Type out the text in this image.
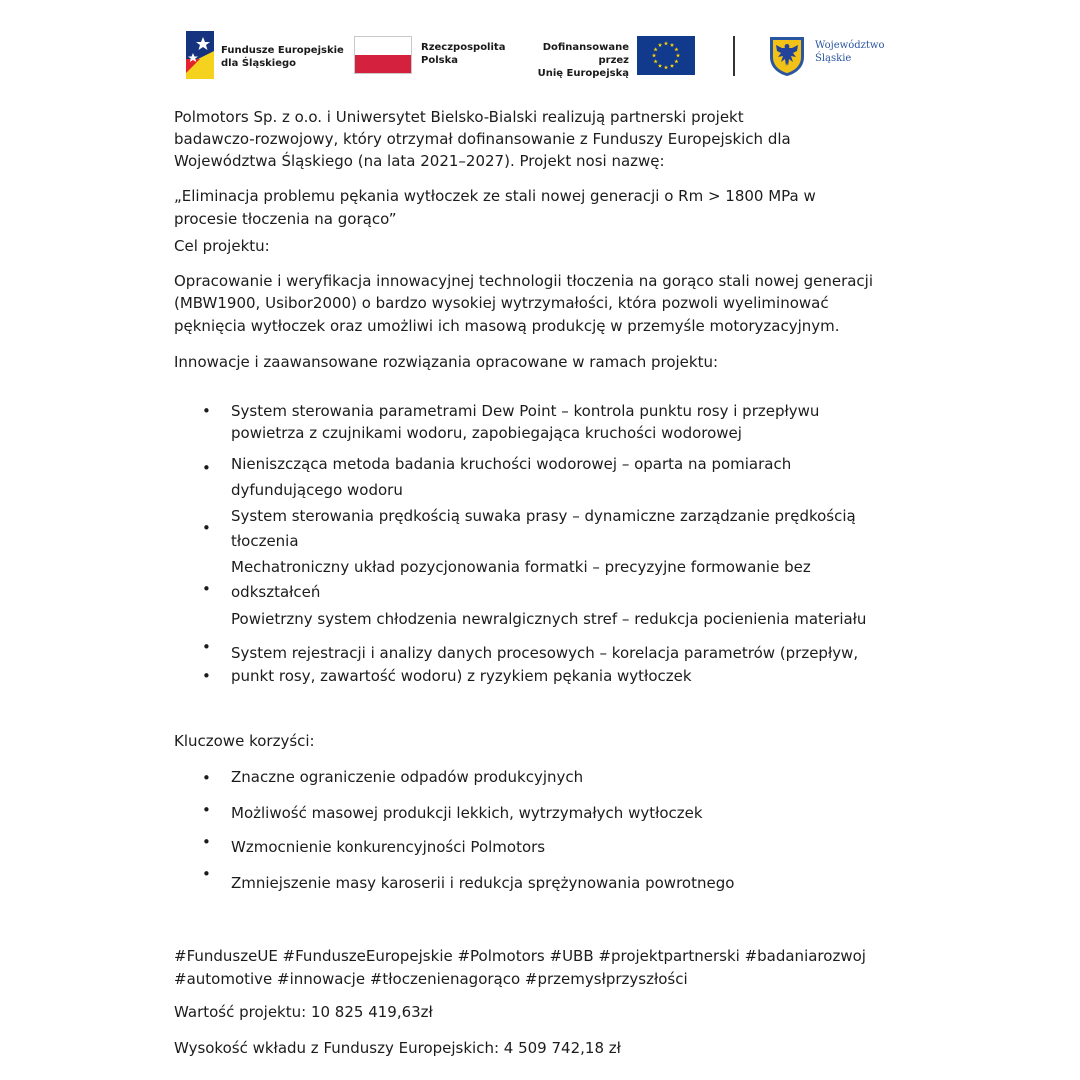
Fundusze Europejskie
dla Śląskiego
Rzeczpospolita
Polska
Dofinansowane przez
Unię Europejską
Województwo
Śląskie

Polmotors Sp. z o.o. i Uniwersytet Bielsko-Bialski realizują partnerski projekt

badawczo-rozwojowy, który otrzymał dofinansowanie z Funduszy Europejskich dla

Województwa Śląskiego (na lata 2021–2027). Projekt nosi nazwę:

„Eliminacja problemu pękania wytłoczek ze stali nowej generacji o Rm > 1800 MPa w

procesie tłoczenia na gorąco”

Cel projektu:

Opracowanie i weryfikacja innowacyjnej technologii tłoczenia na gorąco stali nowej generacji

(MBW1900, Usibor2000) o bardzo wysokiej wytrzymałości, która pozwoli wyeliminować

pęknięcia wytłoczek oraz umożliwi ich masową produkcję w przemyśle motoryzacyjnym.

Innowacje i zaawansowane rozwiązania opracowane w ramach projektu:

•
•
•
•
•
•

System sterowania parametrami Dew Point – kontrola punktu rosy i przepływu

powietrza z czujnikami wodoru, zapobiegająca kruchości wodorowej

Nieniszcząca metoda badania kruchości wodorowej – oparta na pomiarach

dyfundującego wodoru

System sterowania prędkością suwaka prasy – dynamiczne zarządzanie prędkością

tłoczenia

Mechatroniczny układ pozycjonowania formatki – precyzyjne formowanie bez

odkształceń

Powietrzny system chłodzenia newralgicznych stref – redukcja pocienienia materiału

System rejestracji i analizy danych procesowych – korelacja parametrów (przepływ,

punkt rosy, zawartość wodoru) z ryzykiem pękania wytłoczek

Kluczowe korzyści:

•
•
•
•

Znaczne ograniczenie odpadów produkcyjnych

Możliwość masowej produkcji lekkich, wytrzymałych wytłoczek

Wzmocnienie konkurencyjności Polmotors

Zmniejszenie masy karoserii i redukcja sprężynowania powrotnego

#FunduszeUE #FunduszeEuropejskie #Polmotors #UBB #projektpartnerski #badaniarozwoj

#automotive #innowacje #tłoczenienagorąco #przemysłprzyszłości

Wartość projektu: 10 825 419,63zł

Wysokość wkładu z Funduszy Europejskich: 4 509 742,18 zł
